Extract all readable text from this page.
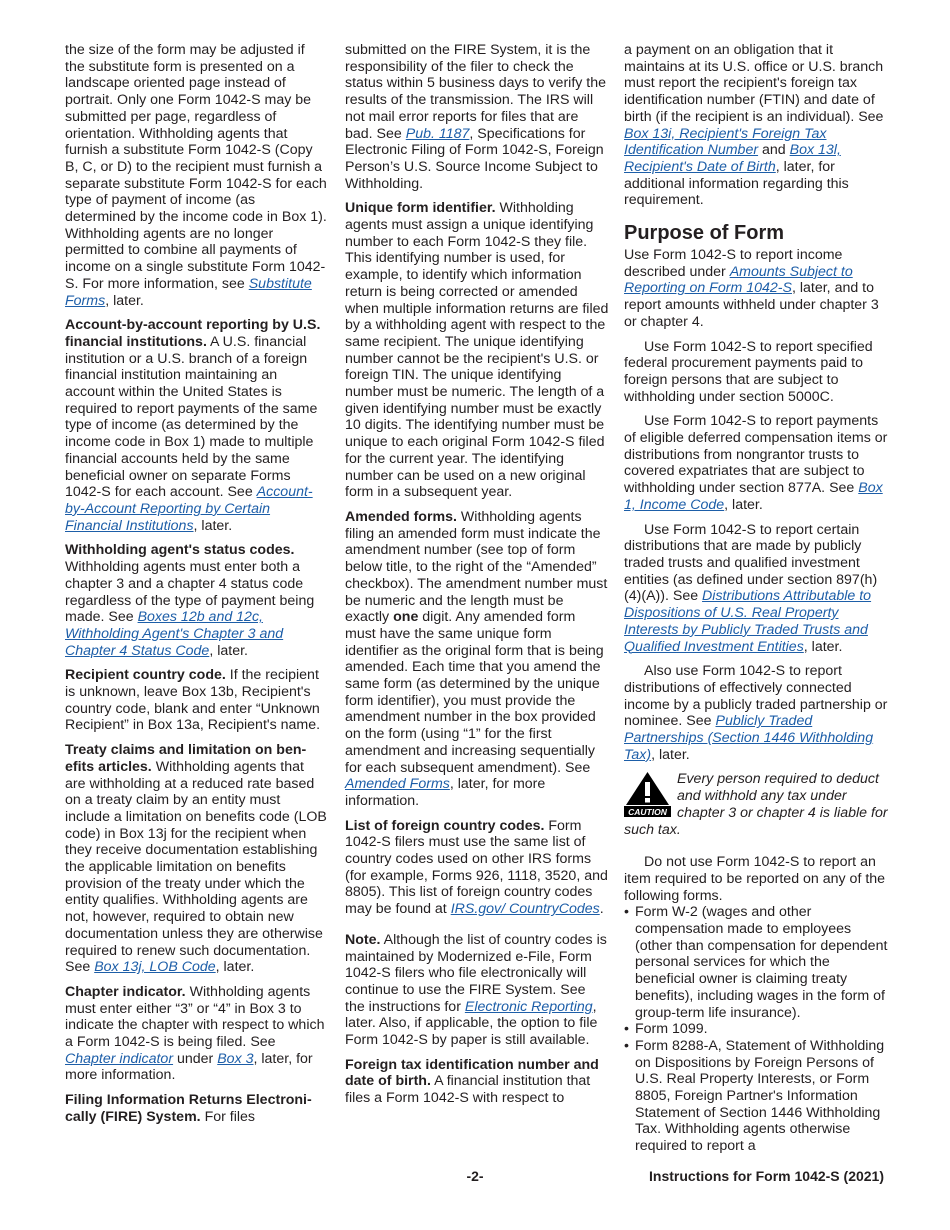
the size of the form may be adjusted if the substitute form is presented on a landscape oriented page instead of portrait. Only one Form 1042-S may be submitted per page, regardless of orientation. Withholding agents that furnish a substitute Form 1042-S (Copy B, C, or D) to the recipient must furnish a separate substitute Form 1042-S for each type of payment of income (as determined by the income code in Box 1). Withholding agents are no longer permitted to combine all payments of income on a single substitute Form 1042-S. For more information, see Substitute Forms, later.

Account-by-account reporting by U.S. financial institutions. A U.S. financial institution or a U.S. branch of a foreign financial institution maintaining an account within the United States is required to report payments of the same type of income (as determined by the income code in Box 1) made to multiple financial accounts held by the same beneficial owner on separate Forms 1042-S for each account. See Account-by-Account Reporting by Certain Financial Institutions, later.

Withholding agent's status codes. Withholding agents must enter both a chapter 3 and a chapter 4 status code regardless of the type of payment being made. See Boxes 12b and 12c, Withholding Agent's Chapter 3 and Chapter 4 Status Code, later.

Recipient country code. If the recipient is unknown, leave Box 13b, Recipient's country code, blank and enter “Unknown Recipient” in Box 13a, Recipient's name.

Treaty claims and limitation on ben-efits articles. Withholding agents that are withholding at a reduced rate based on a treaty claim by an entity must include a limitation on benefits code (LOB code) in Box 13j for the recipient when they receive documentation establishing the applicable limitation on benefits provision of the treaty under which the entity qualifies. Withholding agents are not, however, required to obtain new documentation unless they are otherwise required to renew such documentation. See Box 13j, LOB Code, later.

Chapter indicator. Withholding agents must enter either “3” or “4” in Box 3 to indicate the chapter with respect to which a Form 1042-S is being filed. See Chapter indicator under Box 3, later, for more information.

Filing Information Returns Electroni-cally (FIRE) System. For files

submitted on the FIRE System, it is the responsibility of the filer to check the status within 5 business days to verify the results of the transmission. The IRS will not mail error reports for files that are bad. See Pub. 1187, Specifications for Electronic Filing of Form 1042-S, Foreign Person’s U.S. Source Income Subject to Withholding.

Unique form identifier. Withholding agents must assign a unique identifying number to each Form 1042-S they file. This identifying number is used, for example, to identify which information return is being corrected or amended when multiple information returns are filed by a withholding agent with respect to the same recipient. The unique identifying number cannot be the recipient's U.S. or foreign TIN. The unique identifying number must be numeric. The length of a given identifying number must be exactly 10 digits. The identifying number must be unique to each original Form 1042-S filed for the current year. The identifying number can be used on a new original form in a subsequent year.

Amended forms. Withholding agents filing an amended form must indicate the amendment number (see top of form below title, to the right of the “Amended” checkbox). The amendment number must be numeric and the length must be exactly one digit. Any amended form must have the same unique form identifier as the original form that is being amended. Each time that you amend the same form (as determined by the unique form identifier), you must provide the amendment number in the box provided on the form (using “1” for the first amendment and increasing sequentially for each subsequent amendment). See Amended Forms, later, for more information.

List of foreign country codes. Form 1042-S filers must use the same list of country codes used on other IRS forms (for example, Forms 926, 1118, 3520, and 8805). This list of foreign country codes may be found at IRS.gov/ CountryCodes.

Note. Although the list of country codes is maintained by Modernized e-File, Form 1042-S filers who file electronically will continue to use the FIRE System. See the instructions for Electronic Reporting, later. Also, if applicable, the option to file Form 1042-S by paper is still available.

Foreign tax identification number and date of birth. A financial institution that files a Form 1042-S with respect to

a payment on an obligation that it maintains at its U.S. office or U.S. branch must report the recipient's foreign tax identification number (FTIN) and date of birth (if the recipient is an individual). See Box 13i, Recipient's Foreign Tax Identification Number and Box 13l, Recipient's Date of Birth, later, for additional information regarding this requirement.

Purpose of Form

Use Form 1042-S to report income described under Amounts Subject to Reporting on Form 1042-S, later, and to report amounts withheld under chapter 3 or chapter 4.

Use Form 1042-S to report specified federal procurement payments paid to foreign persons that are subject to withholding under section 5000C.

Use Form 1042-S to report payments of eligible deferred compensation items or distributions from nongrantor trusts to covered expatriates that are subject to withholding under section 877A. See Box 1, Income Code, later.

Use Form 1042-S to report certain distributions that are made by publicly traded trusts and qualified investment entities (as defined under section 897(h)(4)(A)). See Distributions Attributable to Dispositions of U.S. Real Property Interests by Publicly Traded Trusts and Qualified Investment Entities, later.

Also use Form 1042-S to report distributions of effectively connected income by a publicly traded partnership or nominee. See Publicly Traded Partnerships (Section 1446 Withholding Tax), later.

CAUTION
Every person required to deduct and withhold any tax under chapter 3 or chapter 4 is liable for such tax.

Do not use Form 1042-S to report an item required to be reported on any of the following forms.

• Form W-2 (wages and other compensation made to employees (other than compensation for dependent personal services for which the beneficial owner is claiming treaty benefits), including wages in the form of group-term life insurance).
• Form 1099.
• Form 8288-A, Statement of Withholding on Dispositions by Foreign Persons of U.S. Real Property Interests, or Form 8805, Foreign Partner's Information Statement of Section 1446 Withholding Tax. Withholding agents otherwise required to report a
-2-	Instructions for Form 1042-S (2021)
